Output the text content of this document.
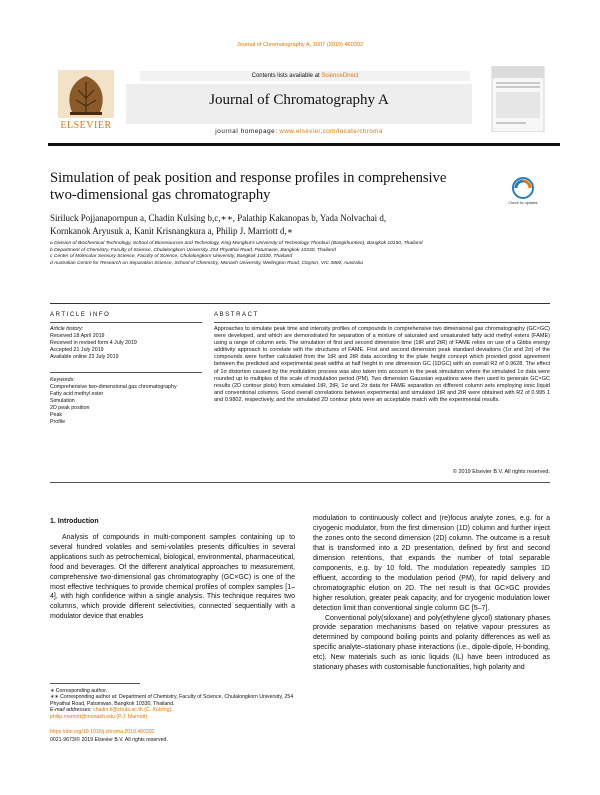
Journal of Chromatography A, 1607 (2019) 460392
ELSEVIER
Contents lists available at ScienceDirect
Journal of Chromatography A
journal homepage: www.elsevier.com/locate/chroma
Simulation of peak position and response profiles in comprehensive two-dimensional gas chromatography	Check for updates
Siriluck Pojjanapornpun a, Chadin Kulsing b,c,∗∗, Palathip Kakanopas b, Yada Nolvachai d,
Kornkanok Aryusuk a, Kanit Krisnangkura a, Philip J. Marriott d,∗
a Division of Biochemical Technology, School of Bioresources and Technology, King Mongkut’s University of Technology Thonburi (Bangkhuntien), Bangkok 10150, Thailand
b Department of Chemistry, Faculty of Science, Chulalongkorn University, 254 Phyathai Road, Patumwan, Bangkok 10330, Thailand
c Center of Molecular Sensory Science, Faculty of Science, Chulalongkorn University, Bangkok 10330, Thailand
d Australian Centre for Research on Separation Science, School of Chemistry, Monash University, Wellington Road, Clayton, VIC 3800, Australia
ARTICLE INFO	ABSTRACT
Article history:
Received 18 April 2019
Received in revised form 4 July 2019
Accepted 21 July 2019
Available online 23 July 2019
Keywords:
Comprehensive two-dimensional gas chromatography
Fatty acid methyl ester
Simulation
2D peak position
Peak
Profile
Approaches to simulate peak time and intensity profiles of compounds in comprehensive two dimensional gas chromatography (GC×GC) were developed, and which are demonstrated for separation of a mixture of saturated and unsaturated fatty acid methyl esters (FAME) using a range of column sets. The simulation of first and second dimension time (1tR and 2tR) of FAME relies on use of a Gibbs energy additivity approach to correlate with the structures of FAME. First and second dimension peak standard deviations (1σ and 2σ) of the compounds were further calculated from the 1tR and 2tR data according to the plate height concept which provided good agreement between the predicted and experimental peak widths at half height in one dimension GC (1DGC) with an overall R2 of 0.9628. The effect of 1σ distortion caused by the modulation process was also taken into account in the peak simulation where the simulated 1σ data were rounded up to multiples of the scale of modulation period (PM). Two dimension Gaussian equations were then used to generate GC×GC results (2D contour plots) from simulated 1tR, 2tR, 1σ and 2σ data for FAME separation on different column sets employing ionic liquid and conventional columns. Good overall correlations between experimental and simulated 1tR and 2tR were obtained with R2 of 0.995 1 and 0.9802, respectively, and the simulated 2D contour plots were an acceptable match with the experimental results.
© 2019 Elsevier B.V. All rights reserved.
1. Introduction
Analysis of compounds in multi-component samples containing up to several hundred volatiles and semi-volatiles presents difficulties in several applications such as petrochemical, biological, environmental, pharmaceutical, food and beverages. Of the different analytical approaches to measurement, comprehensive two-dimensional gas chromatography (GC×GC) is one of the most effective techniques to provide chemical profiles of complex samples [1–4], with high confidence within a single analysis. This technique requires two columns, which provide different selectivities, connected sequentially with a modulator device that enables
modulation to continuously collect and (re)focus analyte zones, e.g. for a cryogenic modulator, from the first dimension (1D) column and further inject the zones onto the second dimension (2D) column. The outcome is a result that is transformed into a 2D presentation, defined by first and second dimension retentions, that expands the number of total separable components, e.g. by 10 fold. The modulation repeatedly samples 1D effluent, according to the modulation period (PM), for rapid delivery and chromatographic elution on 2D. The net result is that GC×GC provides higher resolution, greater peak capacity, and for cryogenic modulation lower detection limit than conventional single column GC [5–7].
Conventional poly(siloxane) and poly(ethylene glycol) stationary phases provide separation mechanisms based on relative vapour pressures as determined by compound boiling points and polarity differences as well as specific analyte–stationary phase interactions (i.e., dipole-dipole, H-bonding, etc). New materials such as ionic liquids (IL) have been introduced as stationary phases with customisable functionalities, high polarity and
∗ Corresponding author.
∗∗ Corresponding author at: Department of Chemistry, Faculty of Science, Chulalongkorn University, 254 Phyathai Road, Patumwan, Bangkok 10330, Thailand.
E-mail addresses: chadin.k@chula.ac.th (C. Kulsing),
philip.marriott@monash.edu (P.J. Marriott).
https://doi.org/10.1016/j.chroma.2019.460392
0021-9673/© 2019 Elsevier B.V. All rights reserved.
